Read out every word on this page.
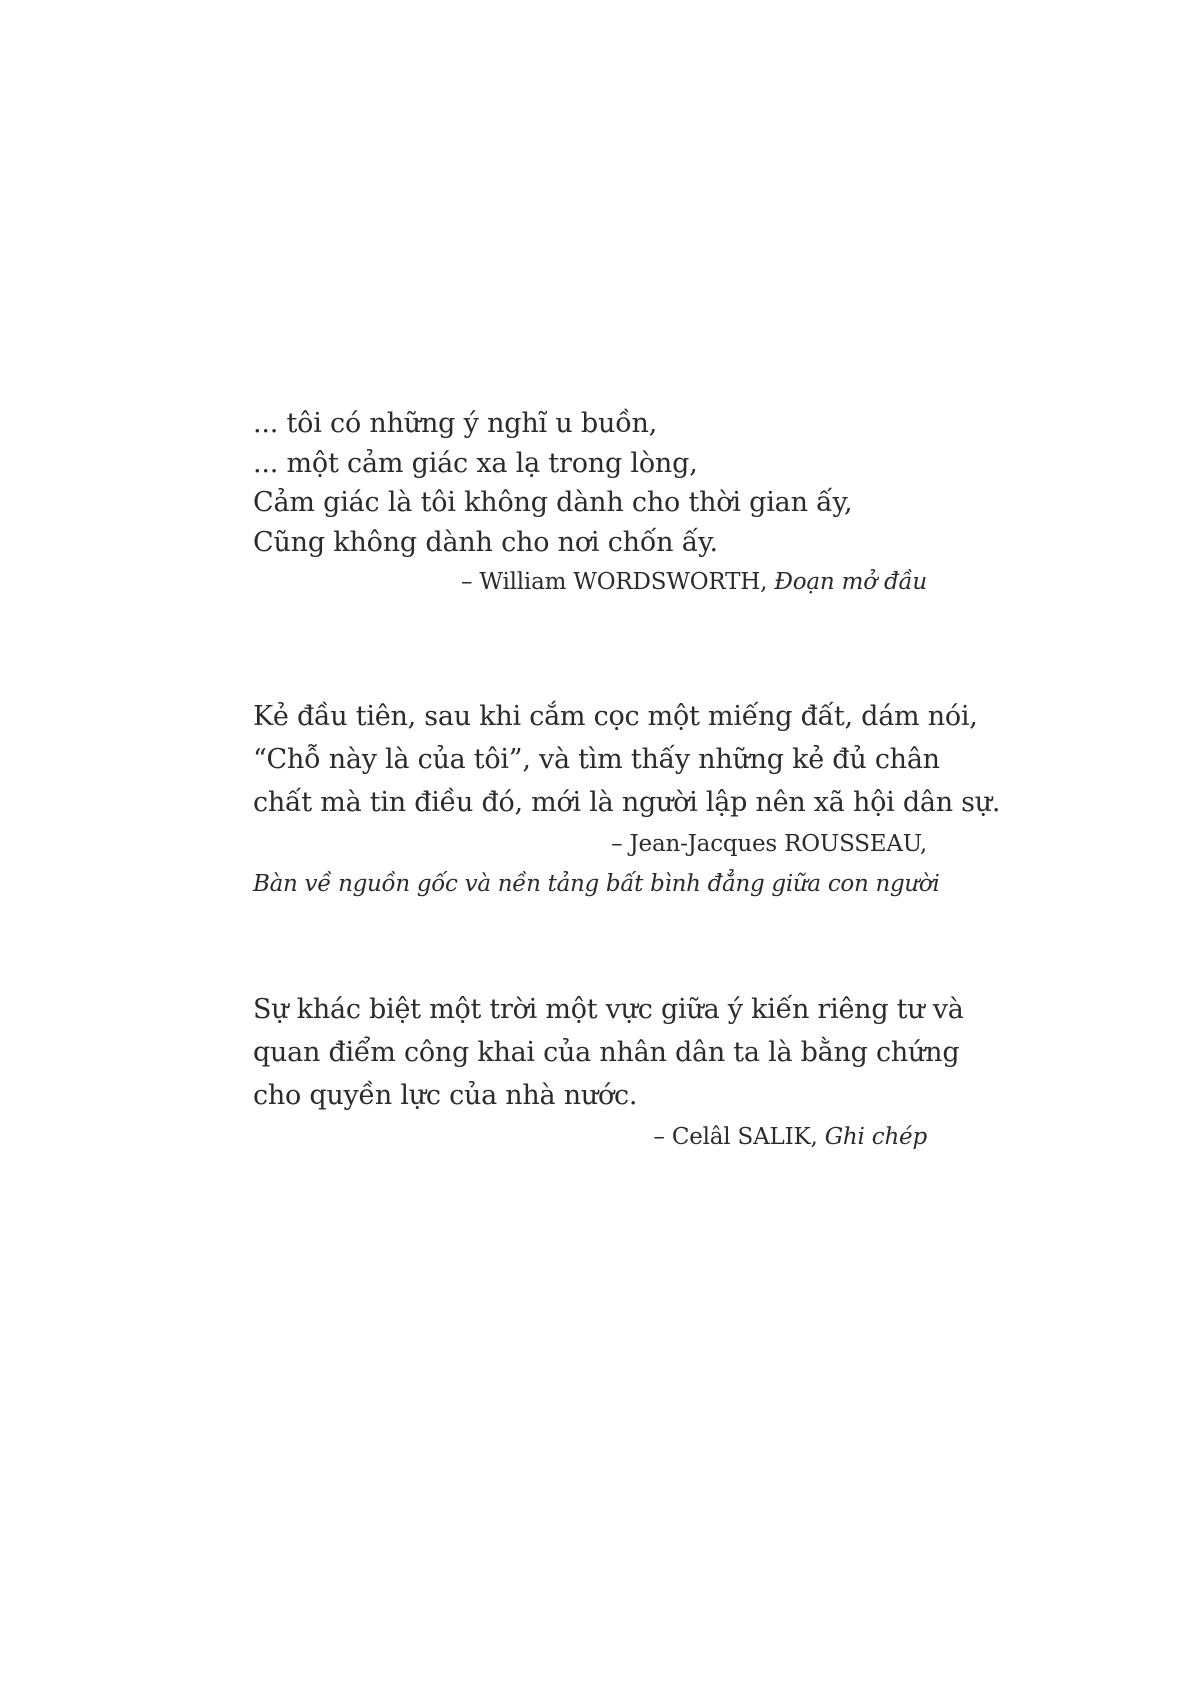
... tôi có những ý nghĩ u buồn,
... một cảm giác xa lạ trong lòng,
Cảm giác là tôi không dành cho thời gian ấy,
Cũng không dành cho nơi chốn ấy.
– William WORDSWORTH, Đoạn mở đầu
Kẻ đầu tiên, sau khi cắm cọc một miếng đất, dám nói,
“Chỗ này là của tôi”, và tìm thấy những kẻ đủ chân
chất mà tin điều đó, mới là người lập nên xã hội dân sự.
– Jean-Jacques ROUSSEAU,
Bàn về nguồn gốc và nền tảng bất bình đẳng giữa con người
Sự khác biệt một trời một vực giữa ý kiến riêng tư và
quan điểm công khai của nhân dân ta là bằng chứng
cho quyền lực của nhà nước.
– Celâl SALIK, Ghi chép
